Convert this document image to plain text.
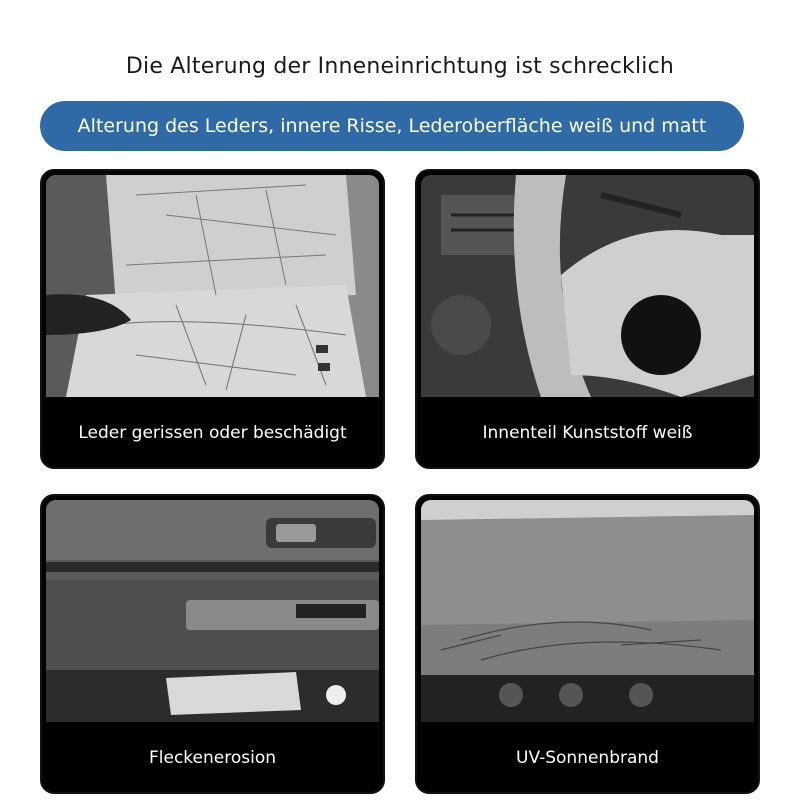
Die Alterung der Inneneinrichtung ist schrecklich
Alterung des Leders, innere Risse, Lederoberfläche weiß und matt
Leder gerissen oder beschädigt	Innenteil Kunststoff weiß
Fleckenerosion	UV-Sonnenbrand
